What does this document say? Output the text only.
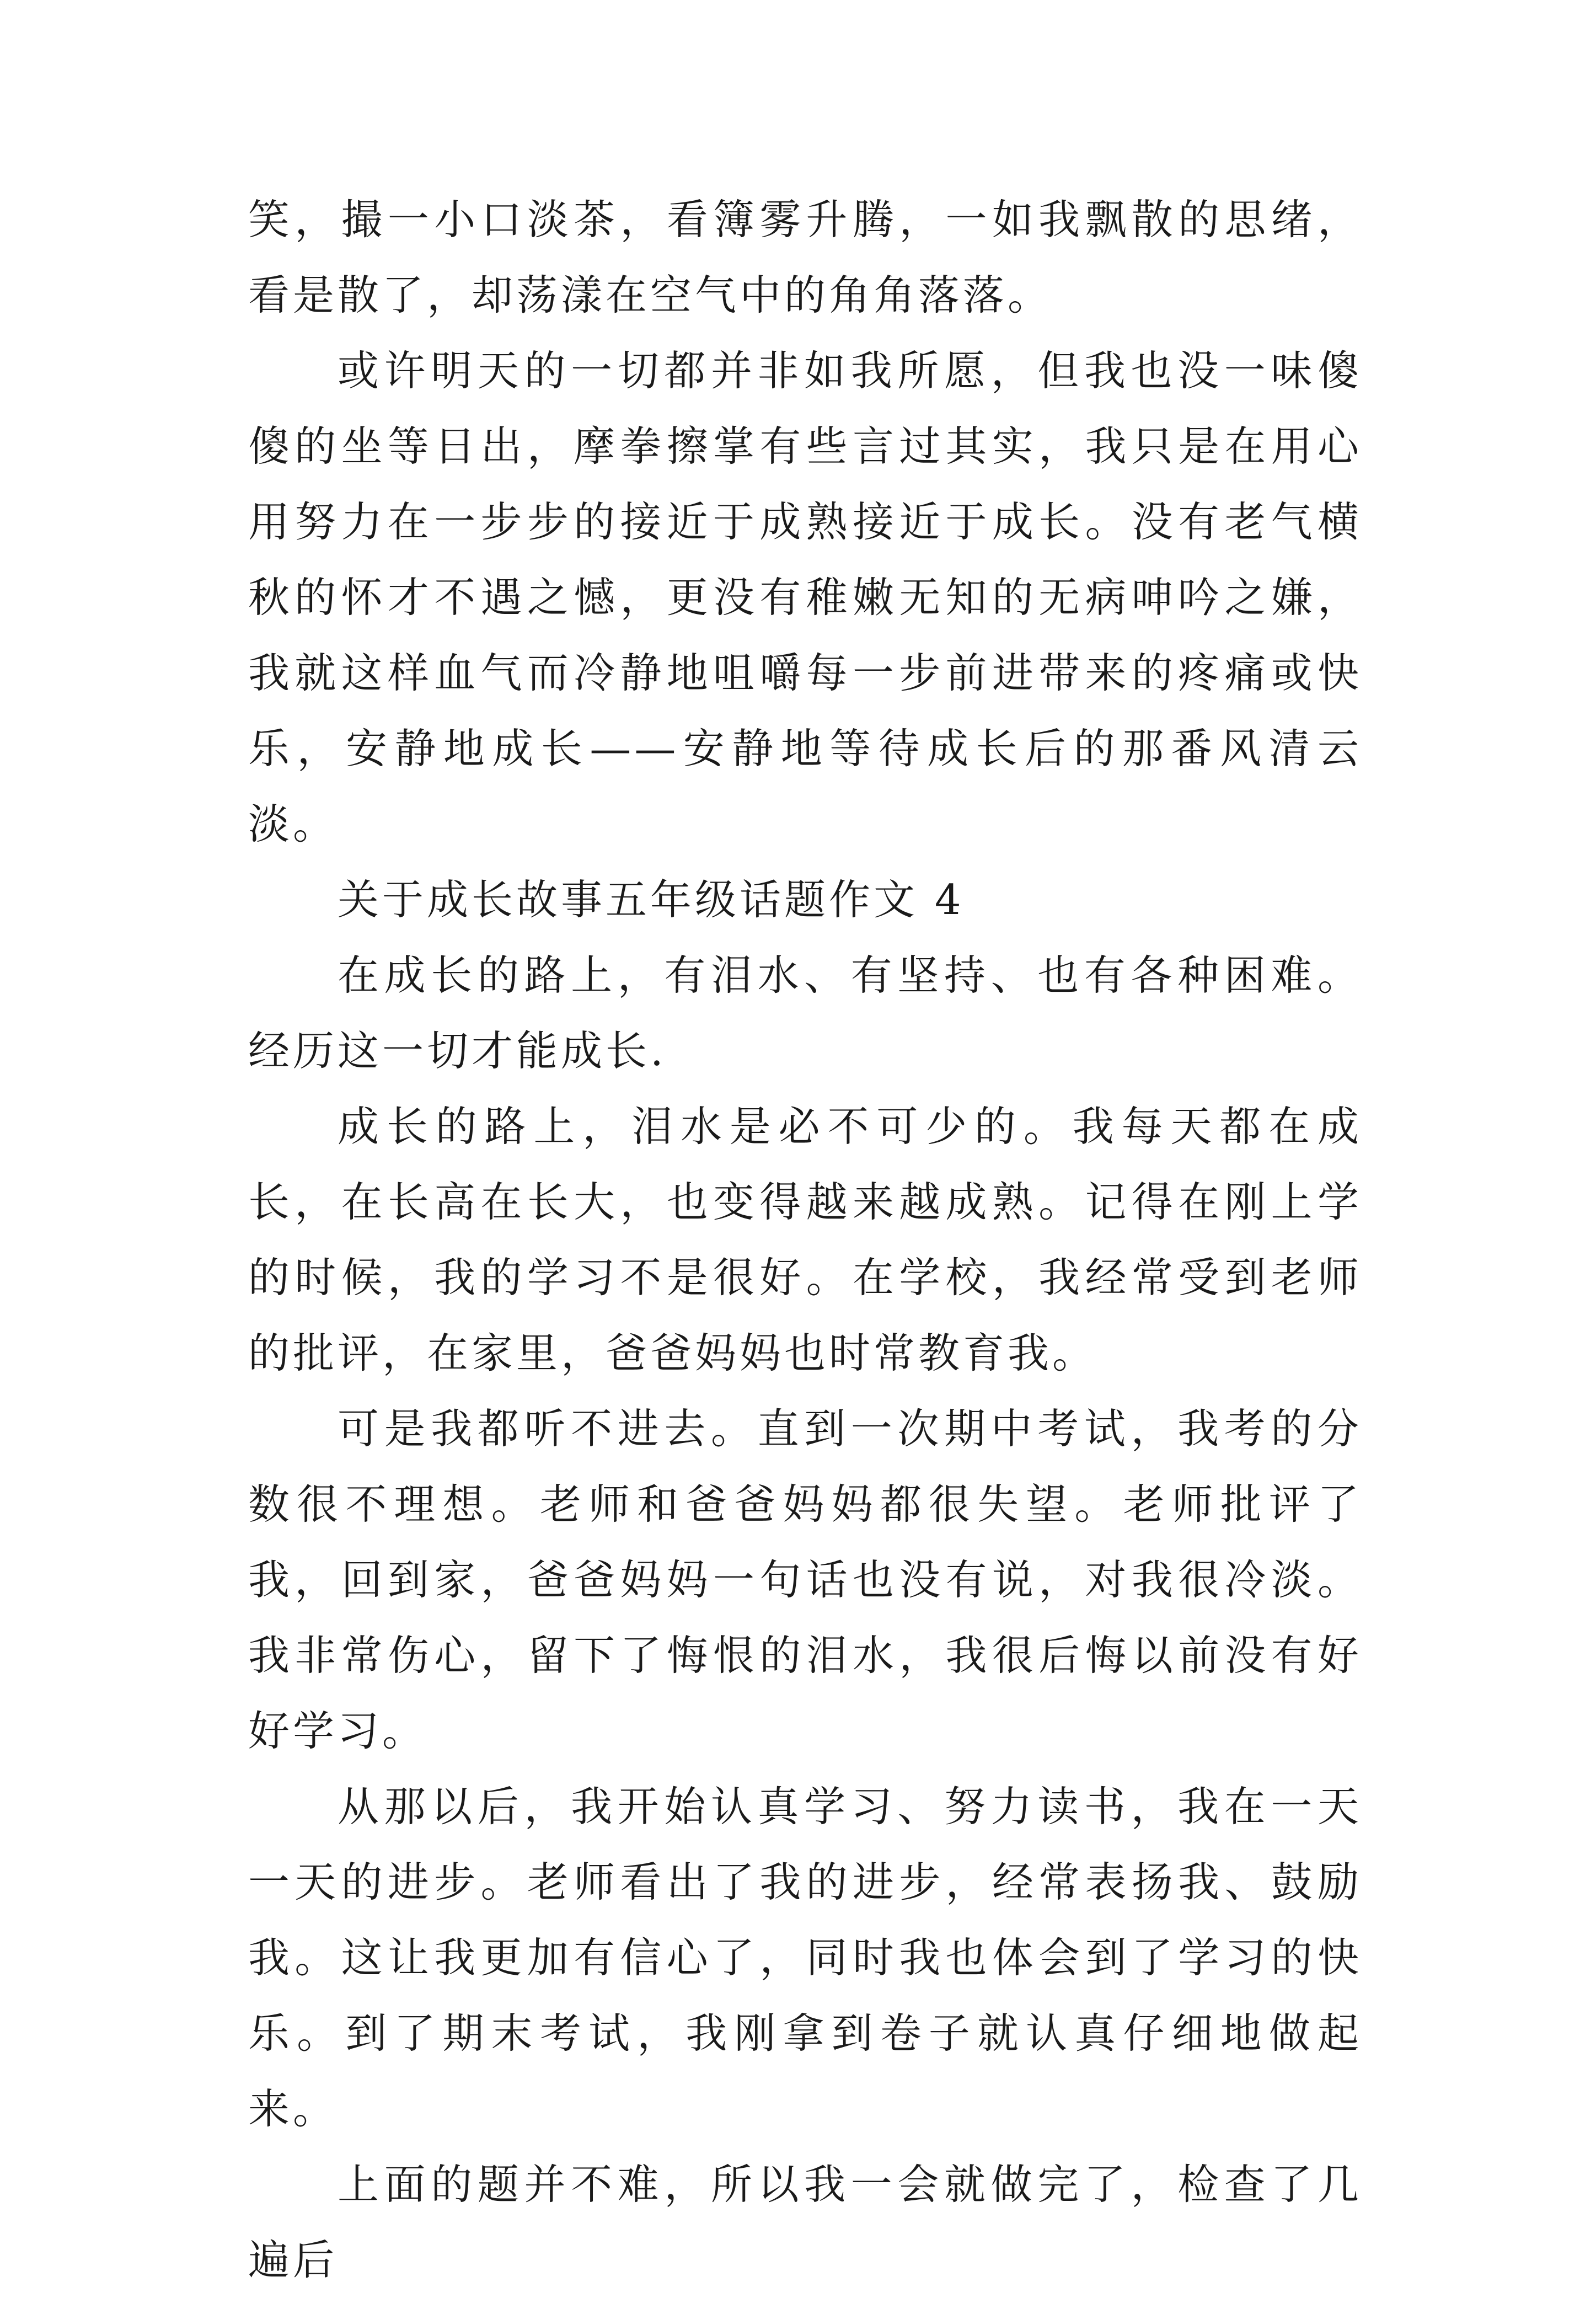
笑，撮一小口淡茶，看簿雾升腾，一如我飘散的思绪，看是散了，却荡漾在空气中的角角落落。

或许明天的一切都并非如我所愿，但我也没一味傻傻的坐等日出，摩拳擦掌有些言过其实，我只是在用心用努力在一步步的接近于成熟接近于成长。没有老气横秋的怀才不遇之憾，更没有稚嫩无知的无病呻吟之嫌，我就这样血气而冷静地咀嚼每一步前进带来的疼痛或快乐，安静地成长——安静地等待成长后的那番风清云淡。

关于成长故事五年级话题作文 4

在成长的路上，有泪水、有坚持、也有各种困难。经历这一切才能成长.

成长的路上，泪水是必不可少的。我每天都在成长，在长高在长大，也变得越来越成熟。记得在刚上学的时候，我的学习不是很好。在学校，我经常受到老师的批评，在家里，爸爸妈妈也时常教育我。

可是我都听不进去。直到一次期中考试，我考的分数很不理想。老师和爸爸妈妈都很失望。老师批评了我，回到家，爸爸妈妈一句话也没有说，对我很冷淡。我非常伤心，留下了悔恨的泪水，我很后悔以前没有好好学习。

从那以后，我开始认真学习、努力读书，我在一天一天的进步。老师看出了我的进步，经常表扬我、鼓励我。这让我更加有信心了，同时我也体会到了学习的快乐。到了期末考试，我刚拿到卷子就认真仔细地做起来。

上面的题并不难，所以我一会就做完了，检查了几遍后
